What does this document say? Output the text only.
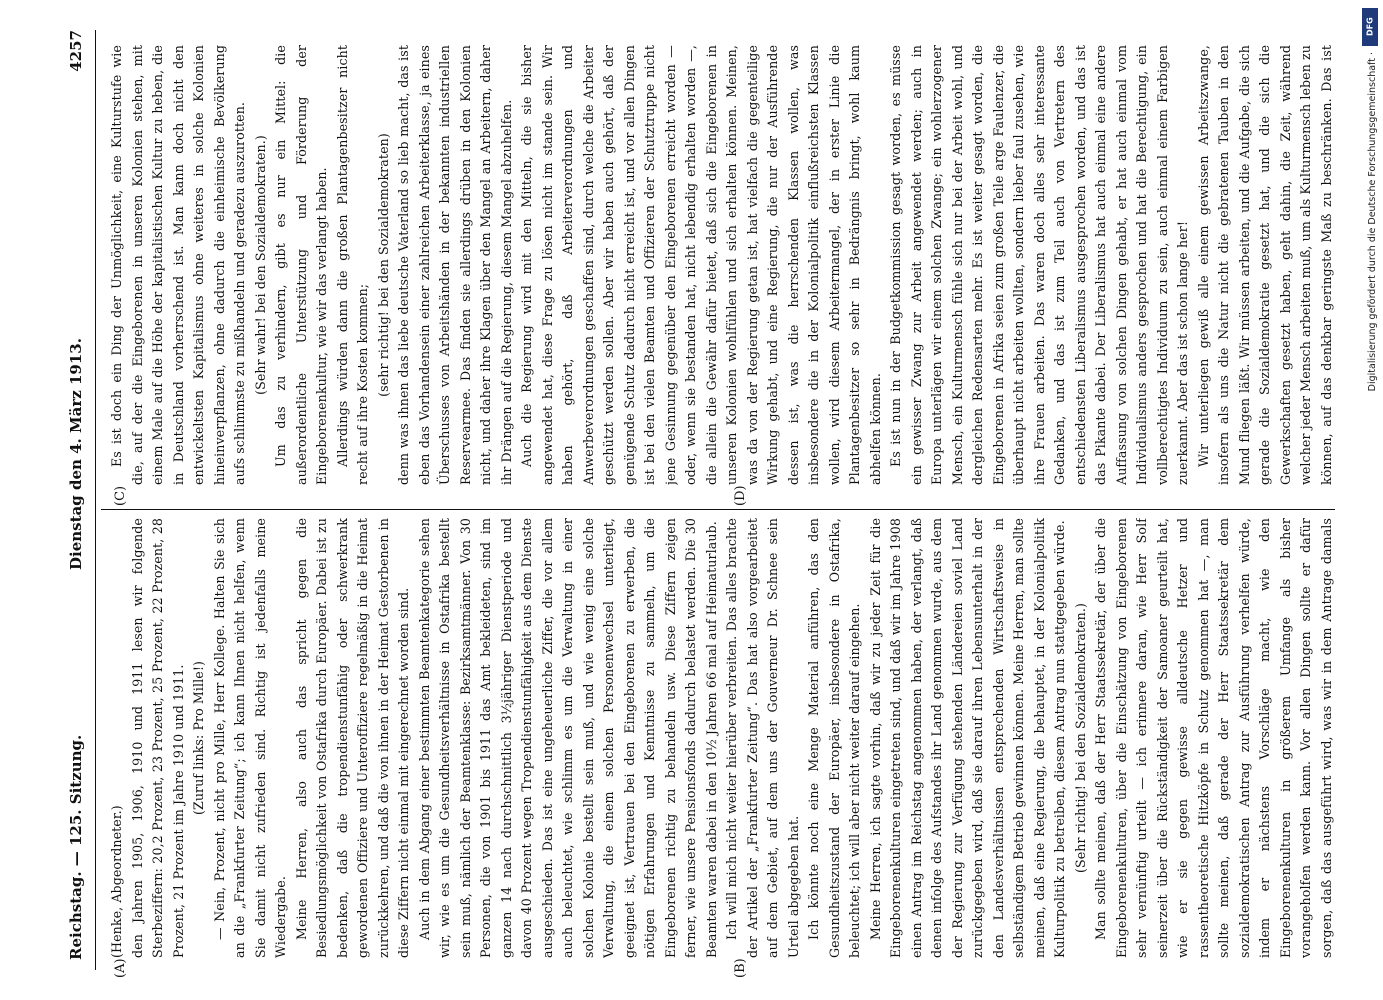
Reichstag. — 125. Sitzung.
Dienstag den 4. März 1913.
4257
(A)	(B)
(C)	(D)

(Henke, Abgeordneter.) den Jahren 1905, 1906, 1910 und 1911 lesen wir folgende Sterbeziffern: 20,2 Prozent, 23 Prozent, 25 Prozent, 22 Prozent, 28 Prozent, 21 Prozent im Jahre 1910 und 1911. (Zuruf links: Pro Mille!) — Nein, Prozent, nicht pro Mille, Herr Kollege. Halten Sie sich an die „Frankfurter Zeitung“; ich kann Ihnen nicht helfen, wenn Sie damit nicht zufrieden sind. Richtig ist jedenfalls meine Wiedergabe. Meine Herren, also auch das spricht gegen die Besiedlungsmöglichkeit von Ostafrika durch Europäer. Dabei ist zu bedenken, daß die tropendienstunfähig oder schwerkrank gewordenen Offiziere und Unteroffiziere regelmäßig in die Heimat zurückkehren, und daß die von ihnen in der Heimat Gestorbenen in diese Ziffern nicht einmal mit eingerechnet worden sind. Auch in dem Abgang einer bestimmten Beamtenkategorie sehen wir, wie es um die Gesundheitsverhältnisse in Ostafrika bestellt sein muß, nämlich der Beamtenklasse: Bezirksamtmänner. Von 30 Personen, die von 1901 bis 1911 das Amt bekleideten, sind im ganzen 14 nach durchschnittlich 3½jähriger Dienstperiode und davon 40 Prozent wegen Tropendienstunfähigkeit aus dem Dienste ausgeschieden. Das ist eine ungeheuerliche Ziffer, die vor allem auch beleuchtet, wie schlimm es um die Verwaltung in einer solchen Kolonie bestellt sein muß, und wie wenig eine solche Verwaltung, die einem solchen Personenwechsel unterliegt, geeignet ist, Vertrauen bei den Eingeborenen zu erwerben, die nötigen Erfahrungen und Kenntnisse zu sammeln, um die Eingeborenen richtig zu behandeln usw. Diese Ziffern zeigen ferner, wie unsere Pensionsfonds dadurch belastet werden. Die 30 Beamten waren dabei in den 10½ Jahren 66 mal auf Heimaturlaub. Ich will mich nicht weiter hierüber verbreiten. Das alles brachte der Artikel der „Frankfurter Zeitung“. Das hat also vorgearbeitet auf dem Gebiet, auf dem uns der Gouverneur Dr. Schnee sein Urteil abgegeben hat. Ich könnte noch eine Menge Material anführen, das den Gesundheitszustand der Europäer, insbesondere in Ostafrika, beleuchtet; ich will aber nicht weiter darauf eingehen. Meine Herren, ich sagte vorhin, daß wir zu jeder Zeit für die Eingeborenenkulturen eingetreten sind, und daß wir im Jahre 1908 einen Antrag im Reichstag angenommen haben, der verlangt, daß denen infolge des Aufstandes ihr Land genommen wurde, aus dem der Regierung zur Verfügung stehenden Ländereien soviel Land zurückgegeben wird, daß sie darauf ihren Lebensunterhalt in der den Landesverhältnissen entsprechenden Wirtschaftsweise in selbständigem Betrieb gewinnen können. Meine Herren, man sollte meinen, daß eine Regierung, die behauptet, in der Kolonialpolitik Kulturpolitik zu betreiben, diesem Antrag nun stattgegeben würde. (Sehr richtig! bei den Sozialdemokraten.)

Man sollte meinen, daß der Herr Staatssekretär, der über die Eingeborenenkulturen, über die Einschätzung von Eingeborenen sehr vernünftig urteilt — ich erinnere daran, wie Herr Solf seinerzeit über die Rückständigkeit der Samoaner geurteilt hat, wie er sie gegen gewisse alldeutsche Hetzer und rassentheoretische Hitzköpfe in Schutz genommen hat —, man sollte meinen, daß gerade der Herr Staatssekretär dem sozialdemokratischen Antrag zur Ausführung verhelfen würde, indem er nächstens Vorschläge macht, wie den Eingeborenenkulturen in größerem Umfange als bisher vorangeholfen werden kann. Vor allen Dingen sollte er dafür sorgen, daß das ausgeführt wird, was wir in dem Antrage damals

Es ist doch ein Ding der Unmöglichkeit, eine Kulturstufe wie die, auf der die Eingeborenen in unseren Kolonien stehen, mit einem Male auf die Höhe der kapitalistischen Kultur zu heben, die in Deutschland vorherrschend ist. Man kann doch nicht den entwickeltsten Kapitalismus ohne weiteres in solche Kolonien hineinverpflanzen, ohne dadurch die einheimische Bevölkerung aufs schlimmste zu mißhandeln und geradezu auszurotten. (Sehr wahr! bei den Sozialdemokraten.) Um das zu verhindern, gibt es nur ein Mittel: die außerordentliche Unterstützung und Förderung der Eingeborenenkultur, wie wir das verlangt haben. Allerdings würden dann die großen Plantagenbesitzer nicht recht auf ihre Kosten kommen; (sehr richtig! bei den Sozialdemokraten) denn was ihnen das liebe deutsche Vaterland so lieb macht, das ist eben das Vorhandensein einer zahlreichen Arbeiterklasse, ja eines Überschusses von Arbeitshänden in der bekannten industriellen Reservearmee. Das finden sie allerdings drüben in den Kolonien nicht, und daher ihre Klagen über den Mangel an Arbeitern, daher ihr Drängen auf die Regierung, diesem Mangel abzuhelfen. Auch die Regierung wird mit den Mitteln, die sie bisher angewendet hat, diese Frage zu lösen nicht im stande sein. Wir haben gehört, daß Arbeiterverordnungen und Anwerbeverordnungen geschaffen sind, durch welche die Arbeiter geschützt werden sollen. Aber wir haben auch gehört, daß der genügende Schutz dadurch nicht erreicht ist, und vor allen Dingen ist bei den vielen Beamten und Offizieren der Schutztruppe nicht jene Gesinnung gegenüber den Eingeborenen erreicht worden — oder, wenn sie bestanden hat, nicht lebendig erhalten worden —, die allein die Gewähr dafür bietet, daß sich die Eingeborenen in unseren Kolonien wohlfühlen und sich erhalten können. Meinen, was da von der Regierung getan ist, hat vielfach die gegenteilige Wirkung gehabt, und eine Regierung, die nur der Ausführende dessen ist, was die herrschenden Klassen wollen, was insbesondere die in der Kolonialpolitik einflußreichsten Klassen wollen, wird diesem Arbeitermangel, der in erster Linie die Plantagenbesitzer so sehr in Bedrängnis bringt, wohl kaum abhelfen können. Es ist nun in der Budgetkommission gesagt worden, es müsse ein gewisser Zwang zur Arbeit angewendet werden; auch in Europa unterlägen wir einem solchen Zwange; ein wohlerzogener Mensch, ein Kulturmensch fühle sich nur bei der Arbeit wohl, und dergleichen Redensarten mehr. Es ist weiter gesagt worden, die Eingeborenen in Afrika seien zum großen Teile arge Faulenzer, die überhaupt nicht arbeiten wollten, sondern lieber faul zusehen, wie ihre Frauen arbeiten. Das waren doch alles sehr interessante Gedanken, und das ist zum Teil auch von Vertretern des entschiedensten Liberalismus ausgesprochen worden, und das ist das Pikante dabei. Der Liberalismus hat auch einmal eine andere Auffassung von solchen Dingen gehabt, er hat auch einmal vom Individualismus anders gesprochen und hat die Berechtigung, ein vollberechtigtes Individuum zu sein, auch einmal einem Farbigen zuerkannt. Aber das ist schon lange her! Wir unterliegen gewiß alle einem gewissen Arbeitszwange, insofern als uns die Natur nicht die gebratenen Tauben in den Mund fliegen läßt. Wir müssen arbeiten, und die Aufgabe, die sich gerade die Sozialdemokratie gesetzt hat, und die sich die Gewerkschaften gesetzt haben, geht dahin, die Zeit, während welcher jeder Mensch arbeiten muß, um als Kulturmensch leben zu können, auf das denkbar geringste Maß zu beschränken. Das ist

DFG
Digitalisierung gefördert durch die Deutsche Forschungsgemeinschaft ·
